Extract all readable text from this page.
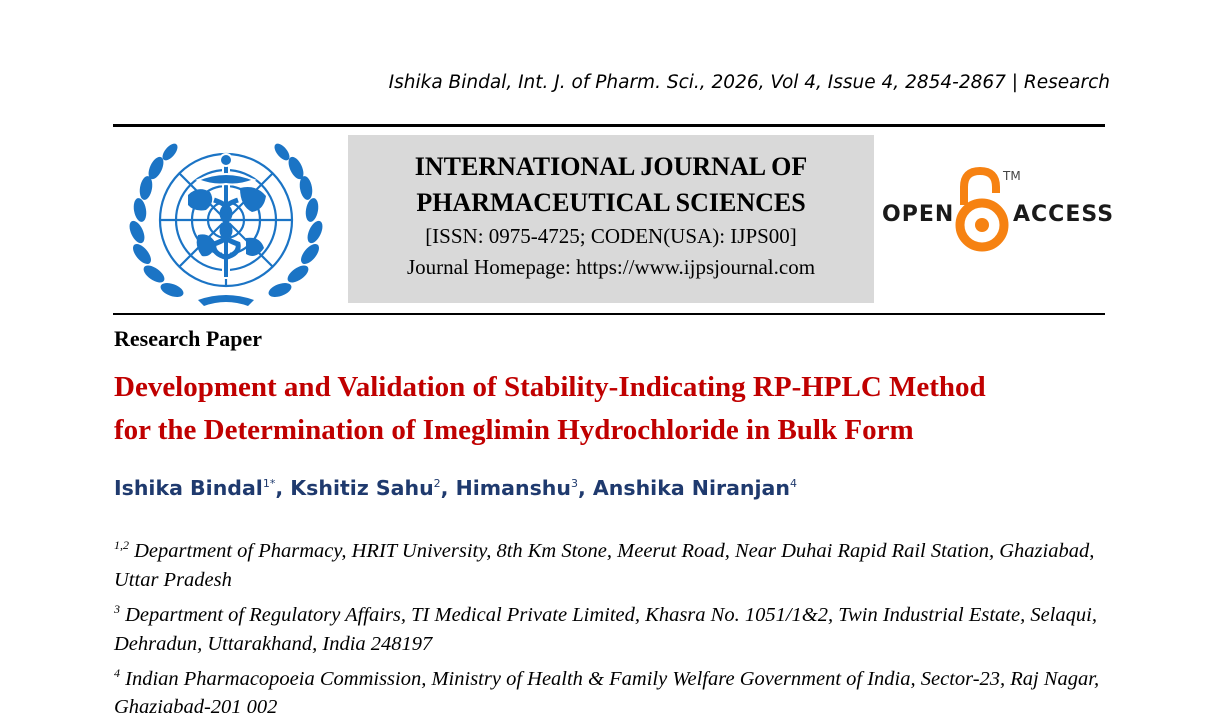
Ishika Bindal, Int. J. of Pharm. Sci., 2026, Vol 4, Issue 4, 2854-2867 | Research
INTERNATIONAL JOURNAL OF
PHARMACEUTICAL SCIENCES
[ISSN: 0975-4725; CODEN(USA): IJPS00]
Journal Homepage: https://www.ijpsjournal.com
OPEN
TM
ACCESS
Research Paper
Development and Validation of Stability-Indicating RP-HPLC Method
for the Determination of Imeglimin Hydrochloride in Bulk Form
Ishika Bindal$^{1*}$, Kshitiz Sahu$^2$, Himanshu$^3$, Anshika Niranjan$^4$

$^{1,2}$ Department of Pharmacy, HRIT University, 8th Km Stone, Meerut Road, Near Duhai Rapid Rail Station, Ghaziabad, Uttar Pradesh

$^3$ Department of Regulatory Affairs, TI Medical Private Limited, Khasra No. 1051/1&2, Twin Industrial Estate, Selaqui, Dehradun, Uttarakhand, India 248197

$^4$ Indian Pharmacopoeia Commission, Ministry of Health & Family Welfare Government of India, Sector-23, Raj Nagar, Ghaziabad-201 002
